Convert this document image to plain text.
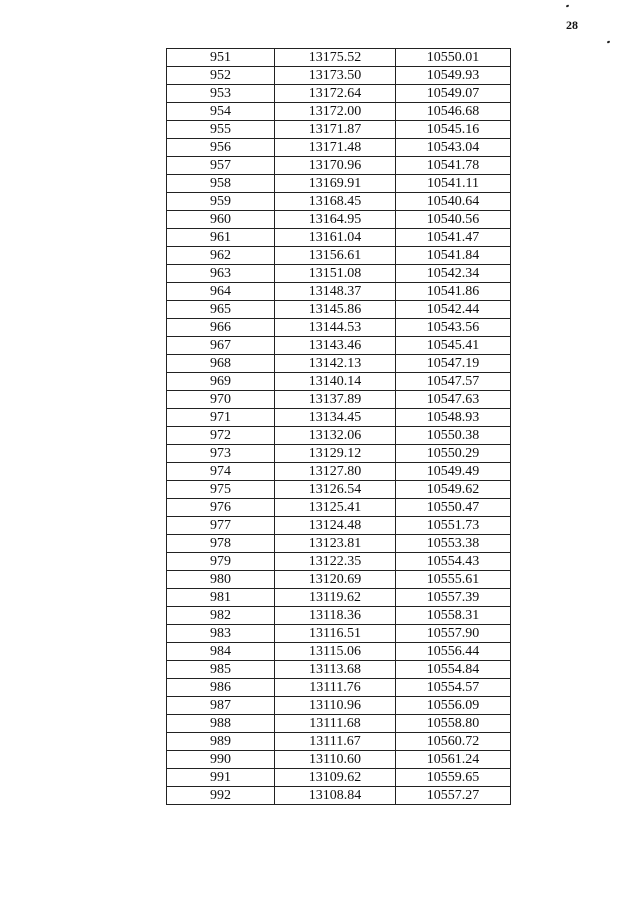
28
951	13175.52	10550.01
952	13173.50	10549.93
953	13172.64	10549.07
954	13172.00	10546.68
955	13171.87	10545.16
956	13171.48	10543.04
957	13170.96	10541.78
958	13169.91	10541.11
959	13168.45	10540.64
960	13164.95	10540.56
961	13161.04	10541.47
962	13156.61	10541.84
963	13151.08	10542.34
964	13148.37	10541.86
965	13145.86	10542.44
966	13144.53	10543.56
967	13143.46	10545.41
968	13142.13	10547.19
969	13140.14	10547.57
970	13137.89	10547.63
971	13134.45	10548.93
972	13132.06	10550.38
973	13129.12	10550.29
974	13127.80	10549.49
975	13126.54	10549.62
976	13125.41	10550.47
977	13124.48	10551.73
978	13123.81	10553.38
979	13122.35	10554.43
980	13120.69	10555.61
981	13119.62	10557.39
982	13118.36	10558.31
983	13116.51	10557.90
984	13115.06	10556.44
985	13113.68	10554.84
986	13111.76	10554.57
987	13110.96	10556.09
988	13111.68	10558.80
989	13111.67	10560.72
990	13110.60	10561.24
991	13109.62	10559.65
992	13108.84	10557.27
